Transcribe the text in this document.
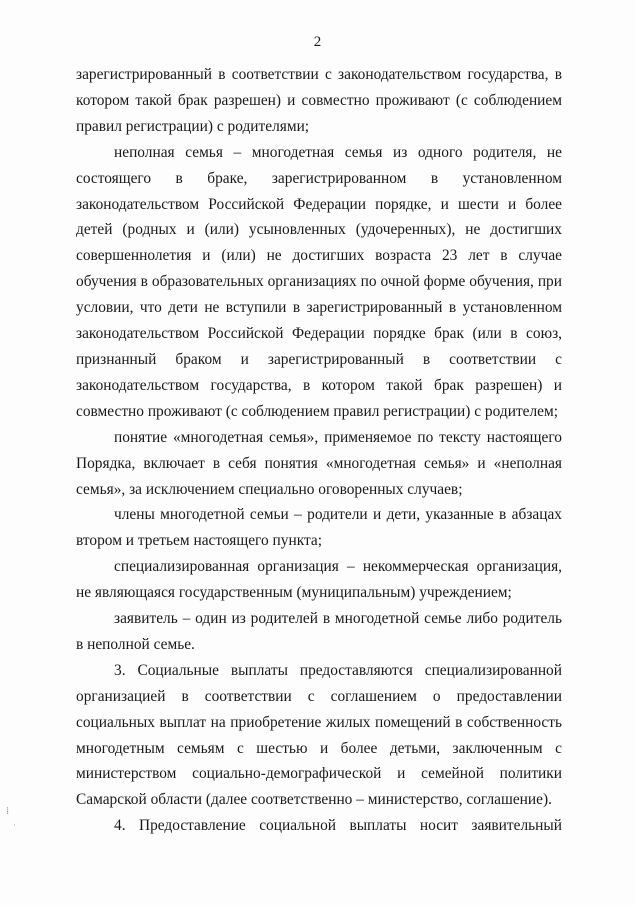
2

зарегистрированный в соответствии с законодательством государства, в котором такой брак разрешен) и совместно проживают (с соблюдением правил регистрации) с родителями;

неполная семья – многодетная семья из одного родителя, не состоящего в браке, зарегистрированном в установленном законодательством Российской Федерации порядке, и шести и более детей (родных и (или) усыновленных (удочеренных), не достигших совершеннолетия и (или) не достигших возраста 23 лет в случае обучения в образовательных организациях по очной форме обучения, при условии, что дети не вступили в зарегистрированный в установленном законодательством Российской Федерации порядке брак (или в союз, признанный браком и зарегистрированный в соответствии с законодательством государства, в котором такой брак разрешен) и совместно проживают (с соблюдением правил регистрации) с родителем;

понятие «многодетная семья», применяемое по тексту настоящего Порядка, включает в себя понятия «многодетная семья» и «неполная семья», за исключением специально оговоренных случаев;

члены многодетной семьи – родители и дети, указанные в абзацах втором и третьем настоящего пункта;

специализированная организация – некоммерческая организация, не являющаяся государственным (муниципальным) учреждением;

заявитель – один из родителей в многодетной семье либо родитель в неполной семье.

3. Социальные выплаты предоставляются специализированной организацией в соответствии с соглашением о предоставлении социальных выплат на приобретение жилых помещений в собственность многодетным семьям с шестью и более детьми, заключенным с министерством социально-демографической и семейной политики Самарской области (далее соответственно – министерство, соглашение).

4. Предоставление социальной выплаты носит заявительный

⁞
˙
